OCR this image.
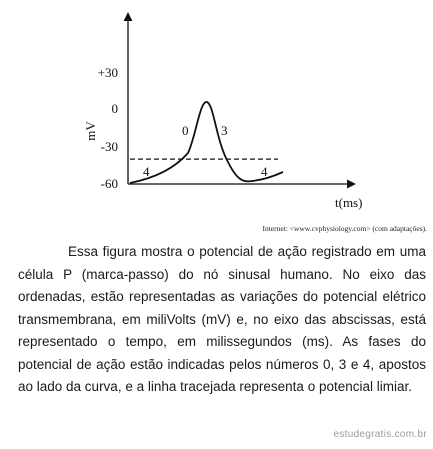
+30
0
-30
-60
mV
t(ms)
0	3
4	4
Internet: <www.cvphysiology.com> (com adaptações).

Essa figura mostra o potencial de ação registrado em uma célula P (marca-passo) do nó sinusal humano. No eixo das ordenadas, estão representadas as variações do potencial elétrico transmembrana, em miliVolts (mV) e, no eixo das abscissas, está representado o tempo, em milissegundos (ms). As fases do potencial de ação estão indicadas pelos números 0, 3 e 4, apostos ao lado da curva, e a linha tracejada representa o potencial limiar.

estudegratis.com.br
